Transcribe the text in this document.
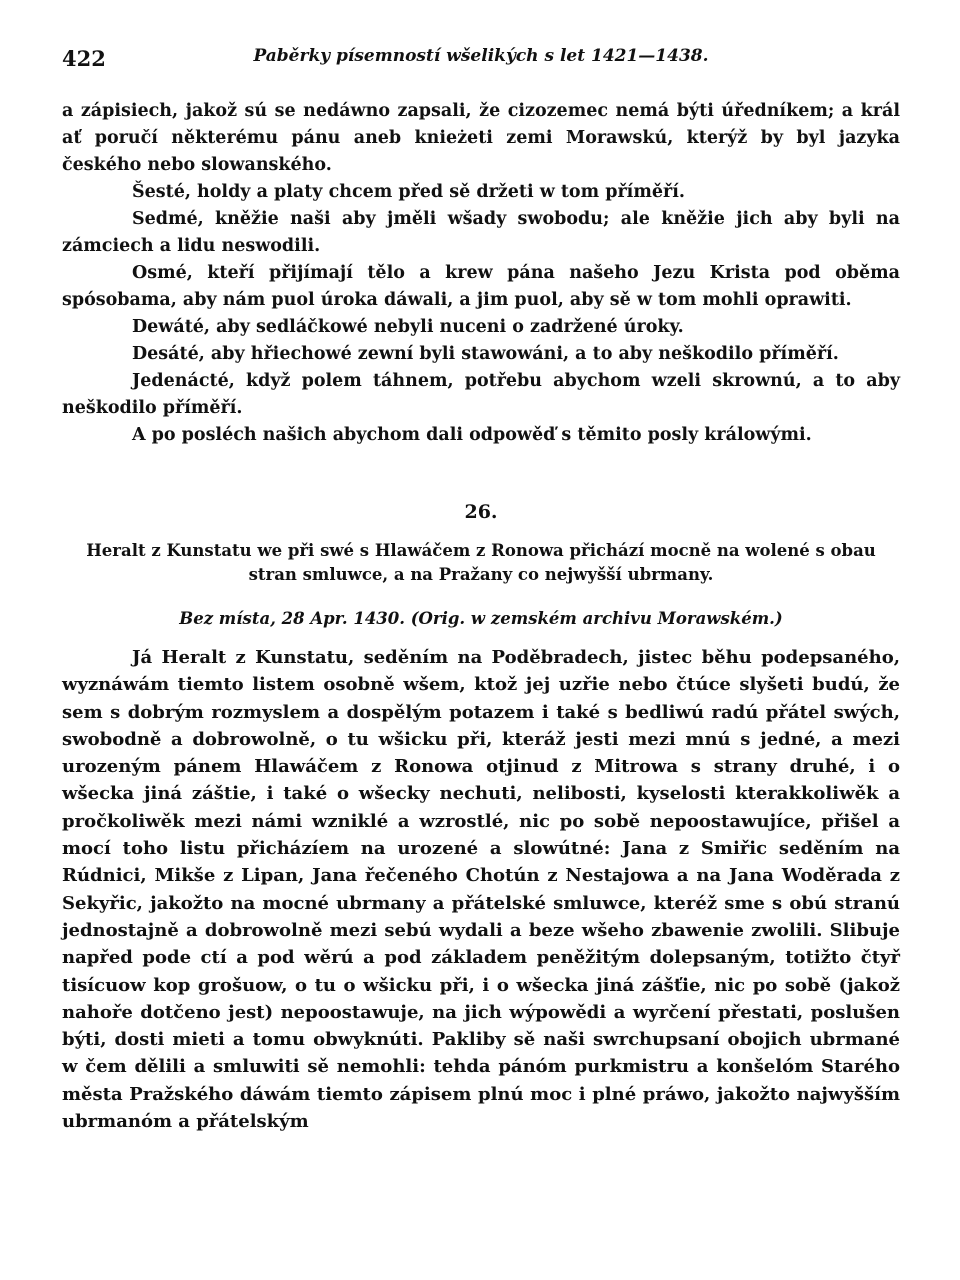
422	Paběrky písemností wšelikých s let 1421—1438.

a zápisiech, jakož sú se nedáwno zapsali, že cizozemec nemá býti úředníkem; a král ať poručí některému pánu aneb knieżeti zemi Morawskú, kterýž by byl jazyka českého nebo slowanského.

Šesté, holdy a platy chcem před sě držeti w tom příměří.

Sedmé, kněžie naši aby jměli wšady swobodu; ale kněžie jich aby byli na zámciech a lidu neswodili.

Osmé, kteří přijímají tělo a krew pána našeho Jezu Krista pod oběma spósobama, aby nám puol úroka dáwali, a jim puol, aby sě w tom mohli oprawiti.

Dewáté, aby sedláčkowé nebyli nuceni o zadržené úroky.

Desáté, aby hřiechowé zewní byli stawowáni, a to aby neškodilo příměří.

Jedenácté, když polem táhnem, potřebu abychom wzeli skrownú, a to aby neškodilo příměří.

A po posléch našich abychom dali odpowěď s těmito posly králowými.

26.

Heralt z Kunstatu we při swé s Hlawáčem z Ronowa přichází mocně na wolené s obau stran smluwce, a na Pražany co nejwyšší ubrmany.

Bez místa, 28 Apr. 1430. (Orig. w zemském archivu Morawském.)

Já Heralt z Kunstatu, seděním na Poděbradech, jistec běhu podepsaného, wyznáwám tiemto listem osobně wšem, ktož jej uzřie nebo čtúce slyšeti budú, že sem s dobrým rozmyslem a dospělým potazem i také s bedliwú radú přátel swých, swobodně a dobrowolně, o tu wšicku při, kteráž jesti mezi mnú s jedné, a mezi urozeným pánem Hlawáčem z Ronowa otjinud z Mitrowa s strany druhé, i o wšecka jiná záštie, i také o wšecky nechuti, nelibosti, kyselosti kterakkoliwěk a pročkoliwěk mezi námi wzniklé a wzrostlé, nic po sobě nepoostawujíce, přišel a mocí toho listu přicházíem na urozené a slowútné: Jana z Smiřic seděním na Rúdnici, Mikše z Lipan, Jana řečeného Chotún z Nestajowa a na Jana Woděrada z Sekyřic, jakožto na mocné ubrmany a přátelské smluwce, kteréž sme s obú stranú jednostajně a dobrowolně mezi sebú wydali a beze wšeho zbawenie zwolili. Slibuje napřed pode ctí a pod wěrú a pod základem peněžitým dolepsaným, totižto čtyř tisícuow kop grošuow, o tu o wšicku při, i o wšecka jiná zášťie, nic po sobě (jakož nahoře dotčeno jest) nepoostawuje, na jich wýpowědi a wyrčení přestati, poslušen býti, dosti mieti a tomu obwyknúti. Pakliby sě naši swrchupsaní obojich ubrmané w čem dělili a smluwiti sě nemohli: tehda pánóm purkmistru a konšelóm Starého města Pražského dáwám tiemto zápisem plnú moc i plné práwo, jakožto najwyšším ubrmanóm a přátelským
